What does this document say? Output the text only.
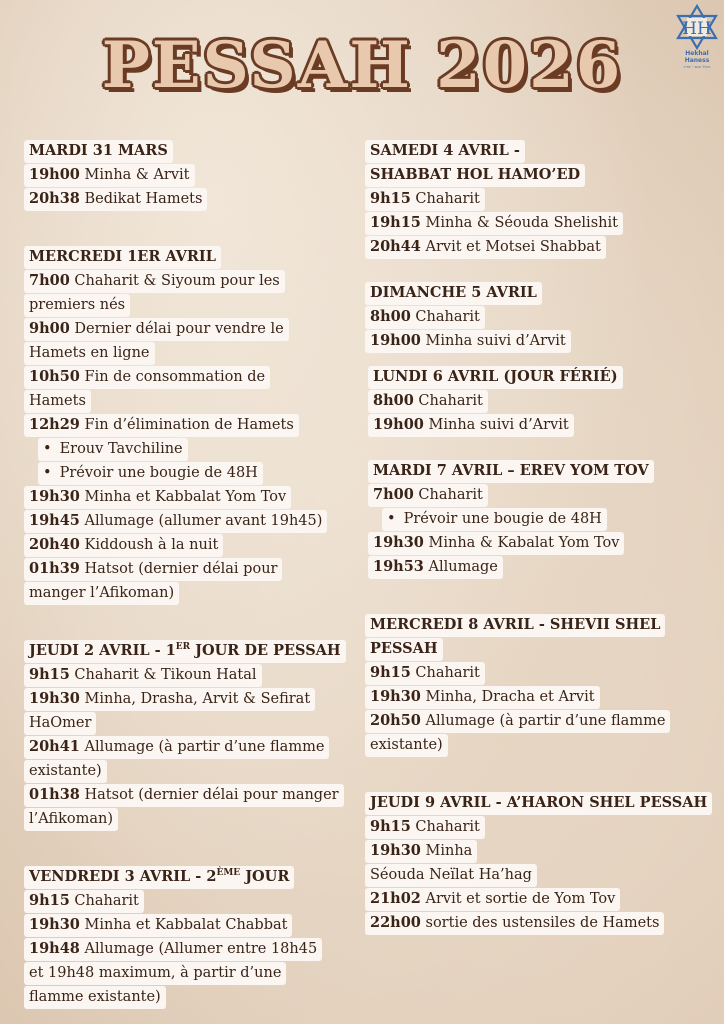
PESSAH 2026	HH
Hekhal Haness
היכל הנס - פריז
MARDI 31 MARS
19h00 Minha & Arvit
20h38 Bedikat Hamets
MERCREDI 1ER AVRIL
7h00 Chaharit & Siyoum pour les
premiers nés
9h00 Dernier délai pour vendre le
Hamets en ligne
10h50 Fin de consommation de
Hamets
12h29 Fin d’élimination de Hamets
• Erouv Tavchiline
• Prévoir une bougie de 48H
19h30 Minha et Kabbalat Yom Tov
19h45 Allumage (allumer avant 19h45)
20h40 Kiddoush à la nuit
01h39 Hatsot (dernier délai pour
manger l’Afikoman)
JEUDI 2 AVRIL - 1ER JOUR DE PESSAH
9h15 Chaharit & Tikoun Hatal
19h30 Minha, Drasha, Arvit & Sefirat
HaOmer
20h41 Allumage (à partir d’une flamme
existante)
01h38 Hatsot (dernier délai pour manger
l’Afikoman)
VENDREDI 3 AVRIL - 2ÈME JOUR
9h15 Chaharit
19h30 Minha et Kabbalat Chabbat
19h48 Allumage (Allumer entre 18h45
et 19h48 maximum, à partir d’une
flamme existante)
SAMEDI 4 AVRIL -
SHABBAT HOL HAMO’ED
9h15 Chaharit
19h15 Minha & Séouda Shelishit
20h44 Arvit et Motsei Shabbat
DIMANCHE 5 AVRIL
8h00 Chaharit
19h00 Minha suivi d’Arvit
LUNDI 6 AVRIL (JOUR FÉRIÉ)
8h00 Chaharit
19h00 Minha suivi d’Arvit
MARDI 7 AVRIL – EREV YOM TOV
7h00 Chaharit
• Prévoir une bougie de 48H
19h30 Minha & Kabalat Yom Tov
19h53 Allumage
MERCREDI 8 AVRIL - SHEVII SHEL
PESSAH
9h15 Chaharit
19h30 Minha, Dracha et Arvit
20h50 Allumage (à partir d’une flamme
existante)
JEUDI 9 AVRIL - A’HARON SHEL PESSAH
9h15 Chaharit
19h30 Minha
Séouda Neïlat Ha’hag
21h02 Arvit et sortie de Yom Tov
22h00 sortie des ustensiles de Hamets
